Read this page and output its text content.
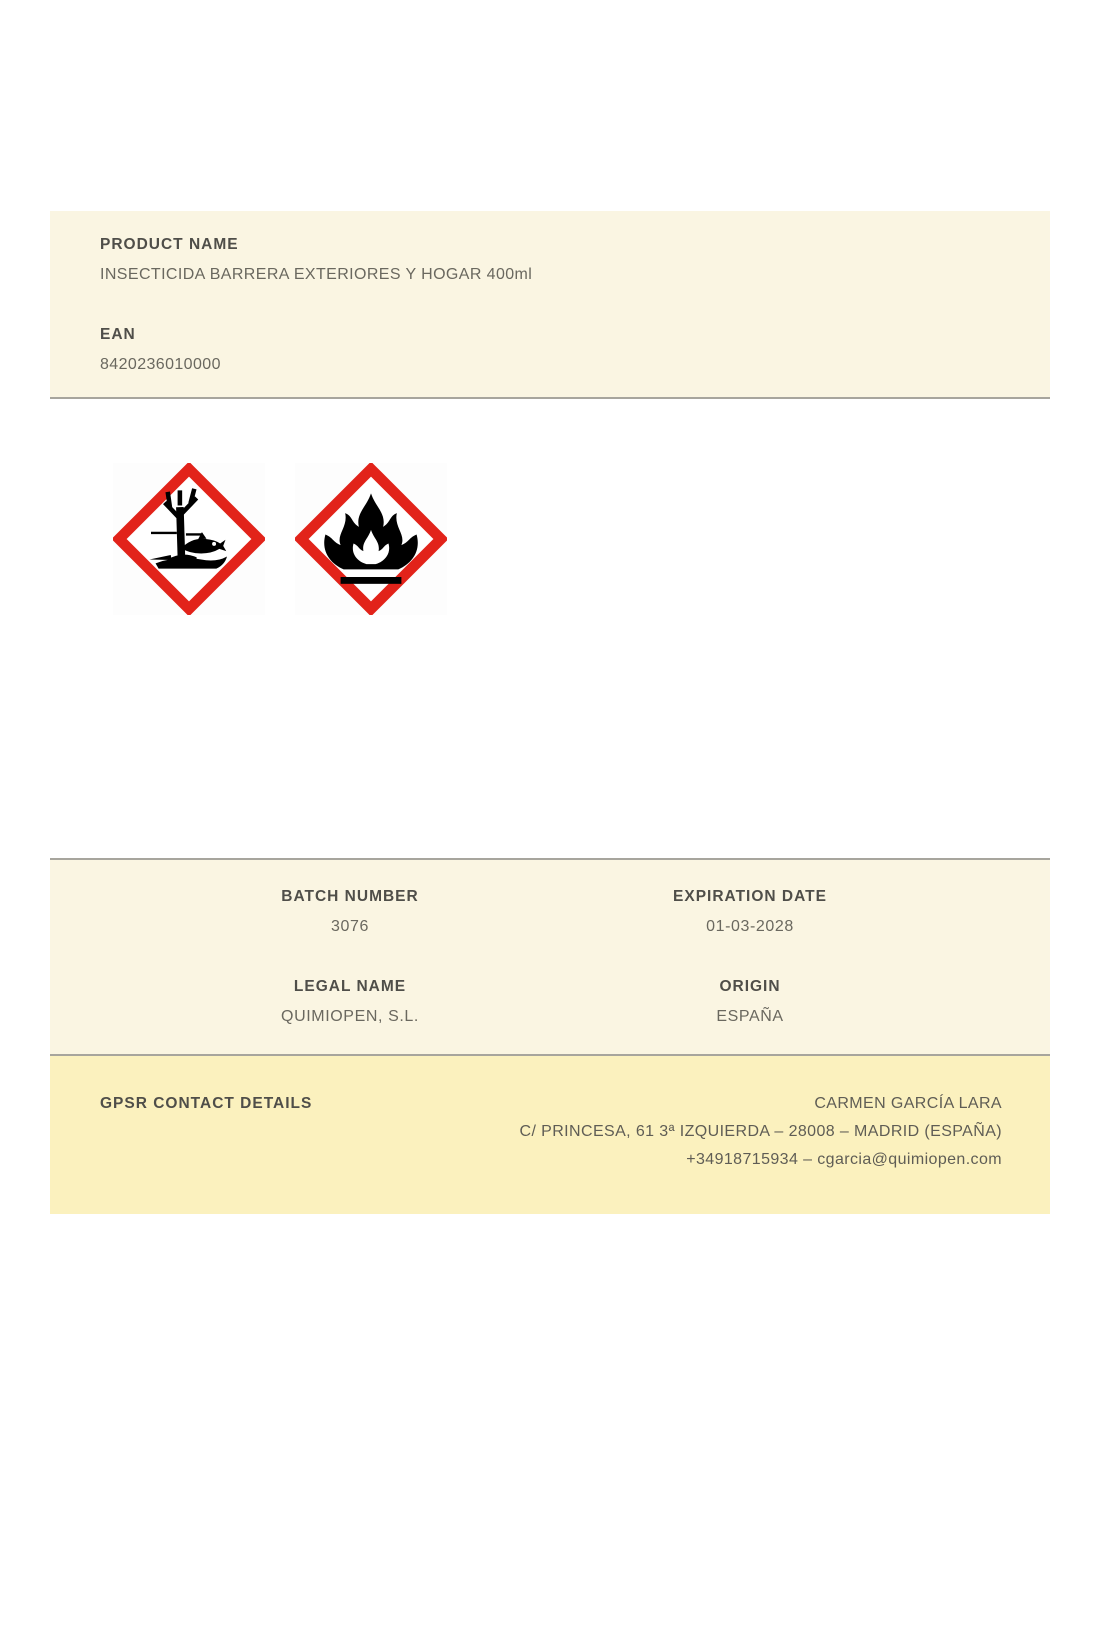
PRODUCT NAME
INSECTICIDA BARRERA EXTERIORES Y HOGAR 400ml
EAN
8420236010000
BATCH NUMBER
3076
EXPIRATION DATE
01-03-2028
LEGAL NAME
QUIMIOPEN, S.L.
ORIGIN
ESPAÑA
GPSR CONTACT DETAILS	CARMEN GARCÍA LARA
C/ PRINCESA, 61 3ª IZQUIERDA – 28008 – MADRID (ESPAÑA)
+34918715934 – cgarcia@quimiopen.com
